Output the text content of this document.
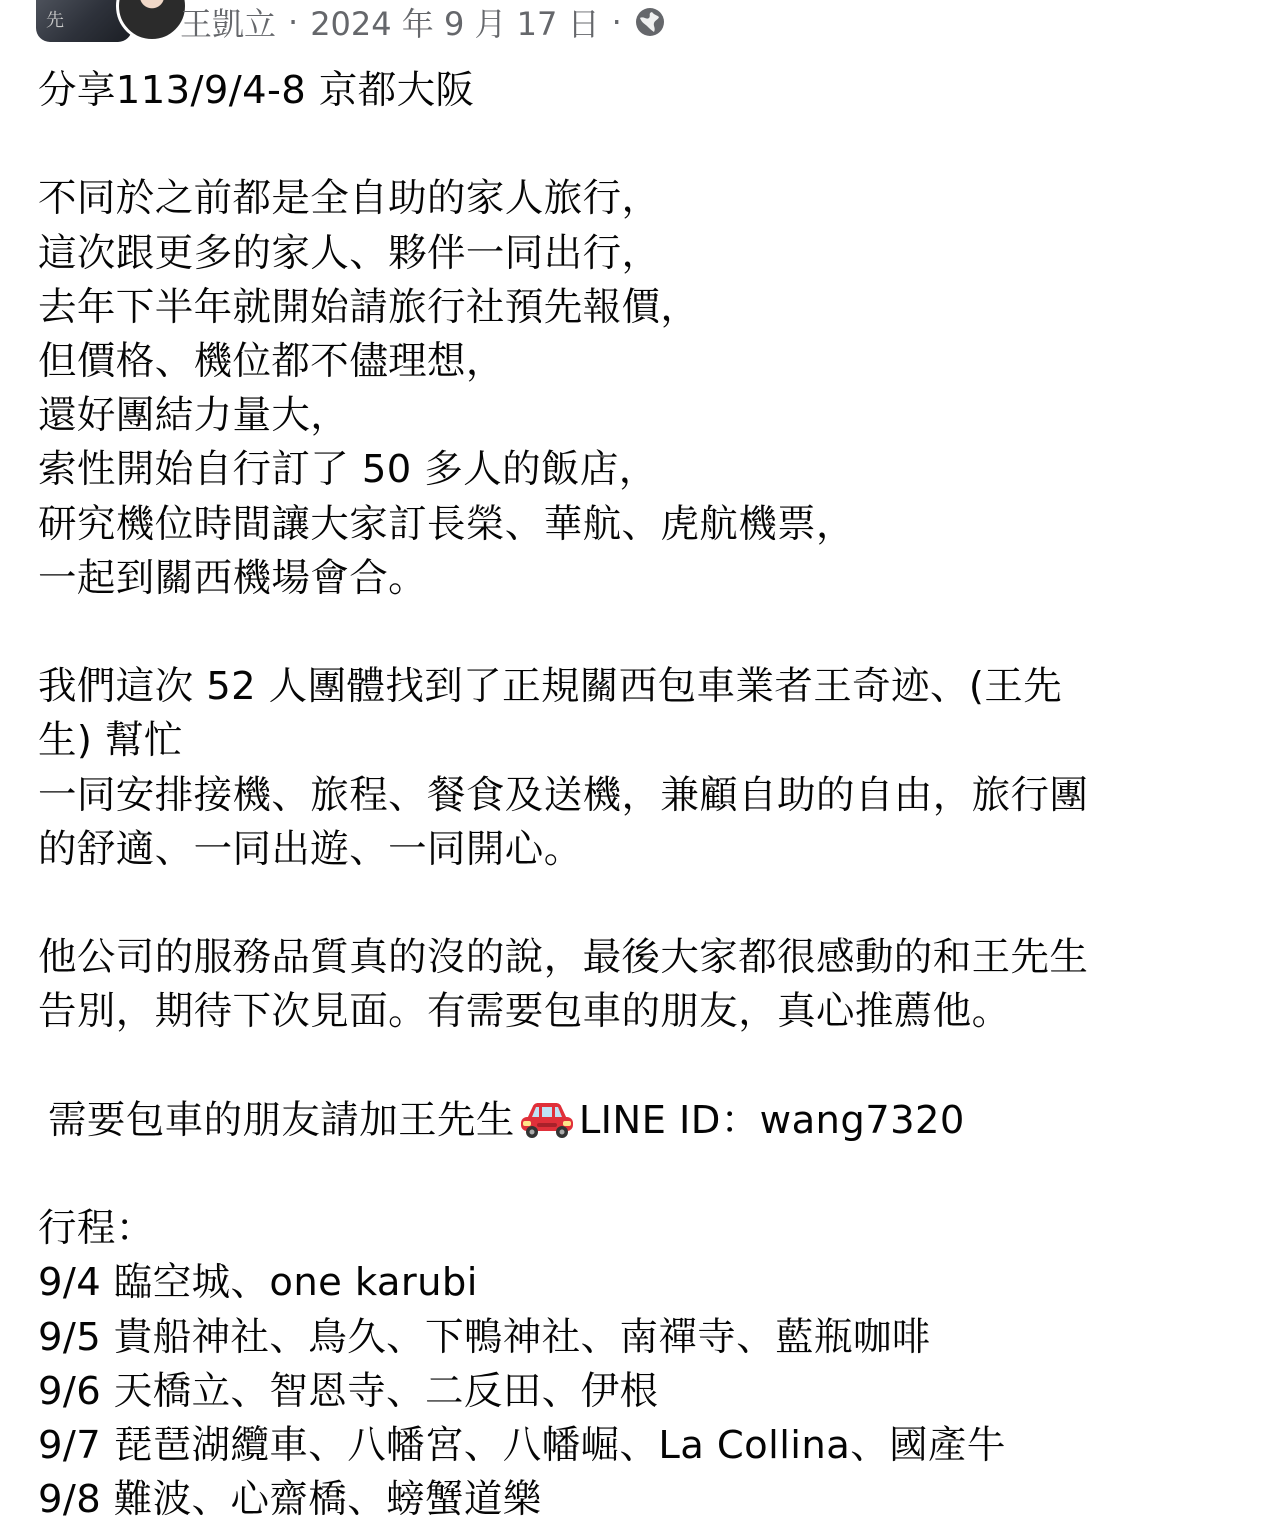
先	王凱立 · 2024 年 9 月 17 日 ·
分享113/9/4-8 京都大阪
不同於之前都是全自助的家人旅行，
這次跟更多的家人、夥伴一同出行，
去年下半年就開始請旅行社預先報價，
但價格、機位都不儘理想，
還好團結力量大，
索性開始自行訂了 50 多人的飯店，
研究機位時間讓大家訂長榮、華航、虎航機票，
一起到關西機場會合。
我們這次 52 人團體找到了正規關西包車業者王奇迹、(王先
生) 幫忙
一同安排接機、旅程、餐食及送機，兼顧自助的自由，旅行團
的舒適、一同出遊、一同開心。
他公司的服務品質真的沒的說，最後大家都很感動的和王先生
告別，期待下次見面。有需要包車的朋友，真心推薦他。
需要包車的朋友請加王先生 LINE ID：wang7320
行程：
9/4 臨空城、one karubi
9/5 貴船神社、鳥久、下鴨神社、南禪寺、藍瓶咖啡
9/6 天橋立、智恩寺、二反田、伊根
9/7 琵琶湖纜車、八幡宮、八幡崛、La Collina、國產牛
9/8 難波、心齋橋、螃蟹道樂
